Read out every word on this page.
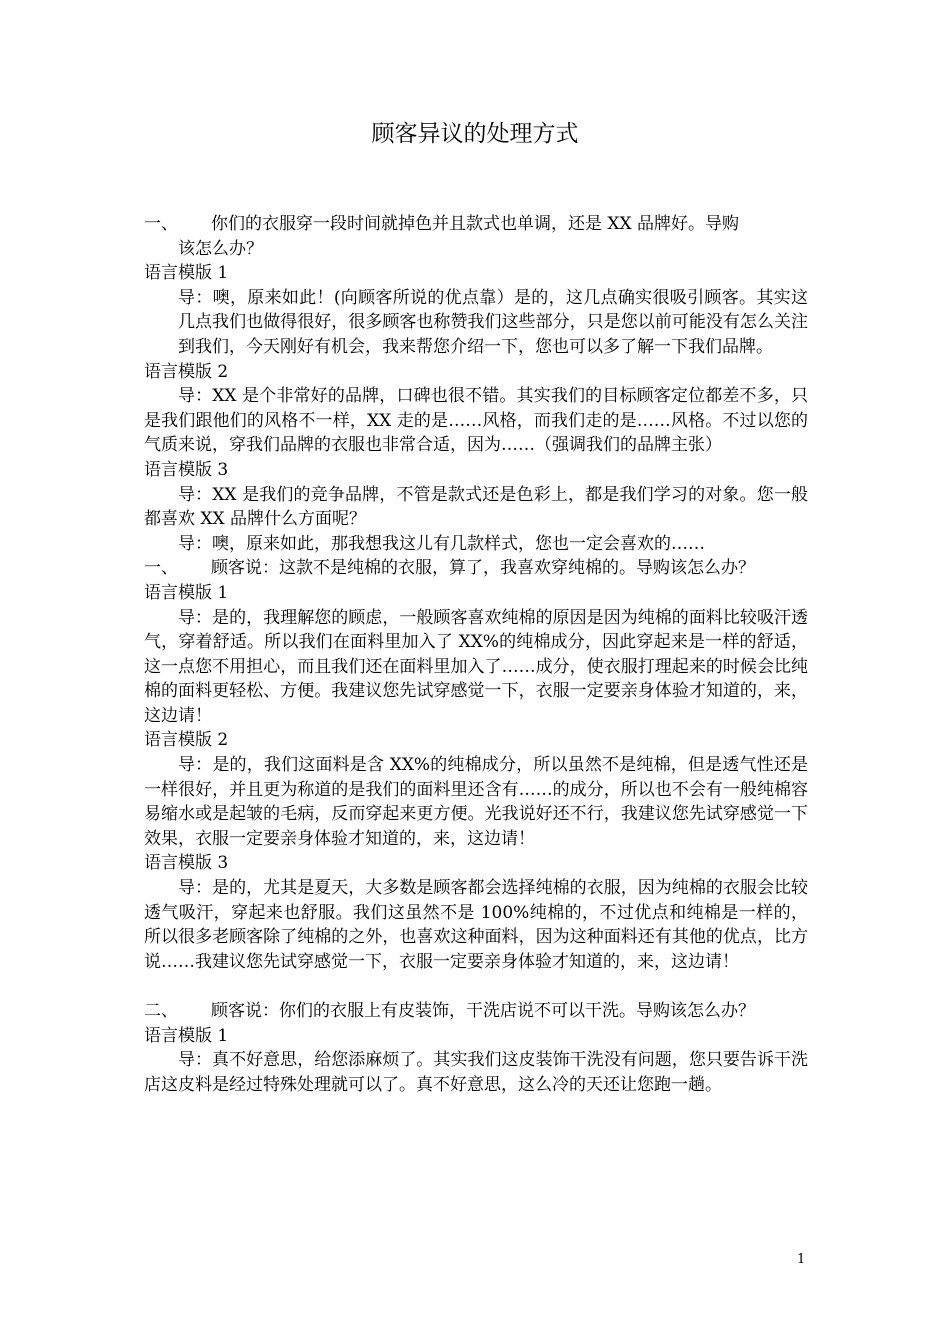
顾客异议的处理方式
一、	你们的衣服穿一段时间就掉色并且款式也单调，还是 XX 品牌好。导购
该怎么办？
语言模版 1
导：噢，原来如此！(向顾客所说的优点靠）是的，这几点确实很吸引顾客。其实这几点我们也做得很好，很多顾客也称赞我们这些部分，只是您以前可能没有怎么关注到我们，今天刚好有机会，我来帮您介绍一下，您也可以多了解一下我们品牌。
语言模版 2
导：XX 是个非常好的品牌，口碑也很不错。其实我们的目标顾客定位都差不多，只是我们跟他们的风格不一样，XX 走的是……风格，而我们走的是……风格。不过以您的气质来说，穿我们品牌的衣服也非常合适，因为……（强调我们的品牌主张）
语言模版 3
导：XX 是我们的竞争品牌，不管是款式还是色彩上，都是我们学习的对象。您一般都喜欢 XX 品牌什么方面呢？
导：噢，原来如此，那我想我这儿有几款样式，您也一定会喜欢的……
一、	顾客说：这款不是纯棉的衣服，算了，我喜欢穿纯棉的。导购该怎么办？
语言模版 1
导：是的，我理解您的顾虑，一般顾客喜欢纯棉的原因是因为纯棉的面料比较吸汗透气，穿着舒适。所以我们在面料里加入了 XX%的纯棉成分，因此穿起来是一样的舒适，这一点您不用担心，而且我们还在面料里加入了……成分，使衣服打理起来的时候会比纯棉的面料更轻松、方便。我建议您先试穿感觉一下，衣服一定要亲身体验才知道的，来，这边请！
语言模版 2
导：是的，我们这面料是含 XX%的纯棉成分，所以虽然不是纯棉，但是透气性还是一样很好，并且更为称道的是我们的面料里还含有……的成分，所以也不会有一般纯棉容易缩水或是起皱的毛病，反而穿起来更方便。光我说好还不行，我建议您先试穿感觉一下效果，衣服一定要亲身体验才知道的，来，这边请！
语言模版 3
导：是的，尤其是夏天，大多数是顾客都会选择纯棉的衣服，因为纯棉的衣服会比较透气吸汗，穿起来也舒服。我们这虽然不是 100%纯棉的，不过优点和纯棉是一样的，所以很多老顾客除了纯棉的之外，也喜欢这种面料，因为这种面料还有其他的优点，比方说……我建议您先试穿感觉一下，衣服一定要亲身体验才知道的，来，这边请！
二、	顾客说：你们的衣服上有皮装饰，干洗店说不可以干洗。导购该怎么办？
语言模版 1
导：真不好意思，给您添麻烦了。其实我们这皮装饰干洗没有问题，您只要告诉干洗店这皮料是经过特殊处理就可以了。真不好意思，这么冷的天还让您跑一趟。
1
